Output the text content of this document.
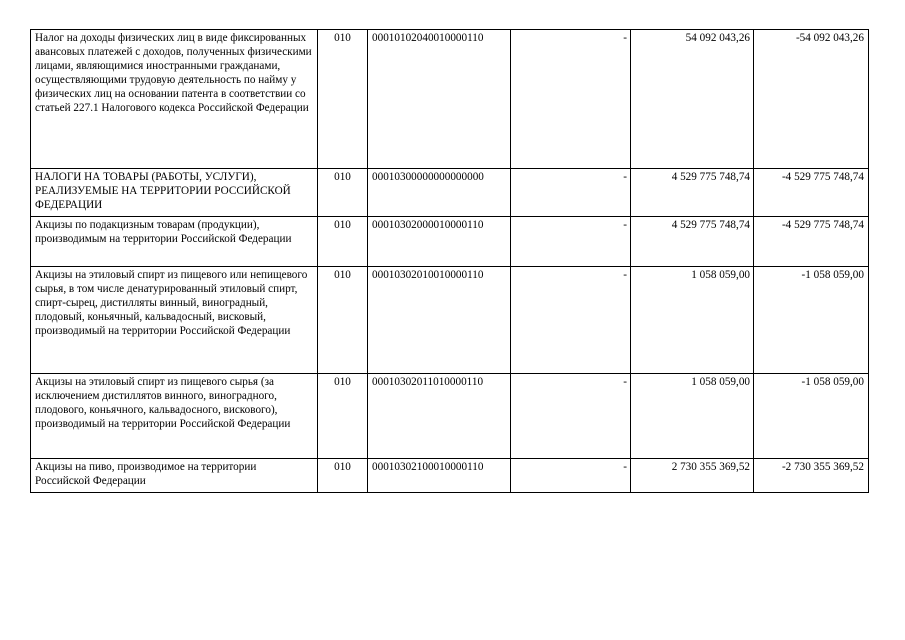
Налог на доходы физических лиц в виде фиксированных авансовых платежей с доходов, полученных физическими лицами, являющимися иностранными гражданами, осуществляющими трудовую деятельность по найму у физических лиц на основании патента в соответствии со статьей 227.1 Налогового кодекса Российской Федерации	010	00010102040010000110	-	54 092 043,26	-54 092 043,26
НАЛОГИ НА ТОВАРЫ (РАБОТЫ, УСЛУГИ), РЕАЛИЗУЕМЫЕ НА ТЕРРИТОРИИ РОССИЙСКОЙ ФЕДЕРАЦИИ	010	00010300000000000000	-	4 529 775 748,74	-4 529 775 748,74
Акцизы по подакцизным товарам (продукции), производимым на территории Российской Федерации	010	00010302000010000110	-	4 529 775 748,74	-4 529 775 748,74
Акцизы на этиловый спирт из пищевого или непищевого сырья, в том числе денатурированный этиловый спирт, спирт-сырец, дистилляты винный, виноградный, плодовый, коньячный, кальвадосный, висковый, производимый на территории Российской Федерации	010	00010302010010000110	-	1 058 059,00	-1 058 059,00
Акцизы на этиловый спирт из пищевого сырья (за исключением дистиллятов винного, виноградного, плодового, коньячного, кальвадосного, вискового), производимый на территории Российской Федерации	010	00010302011010000110	-	1 058 059,00	-1 058 059,00
Акцизы на пиво, производимое на территории Российской Федерации	010	00010302100010000110	-	2 730 355 369,52	-2 730 355 369,52
